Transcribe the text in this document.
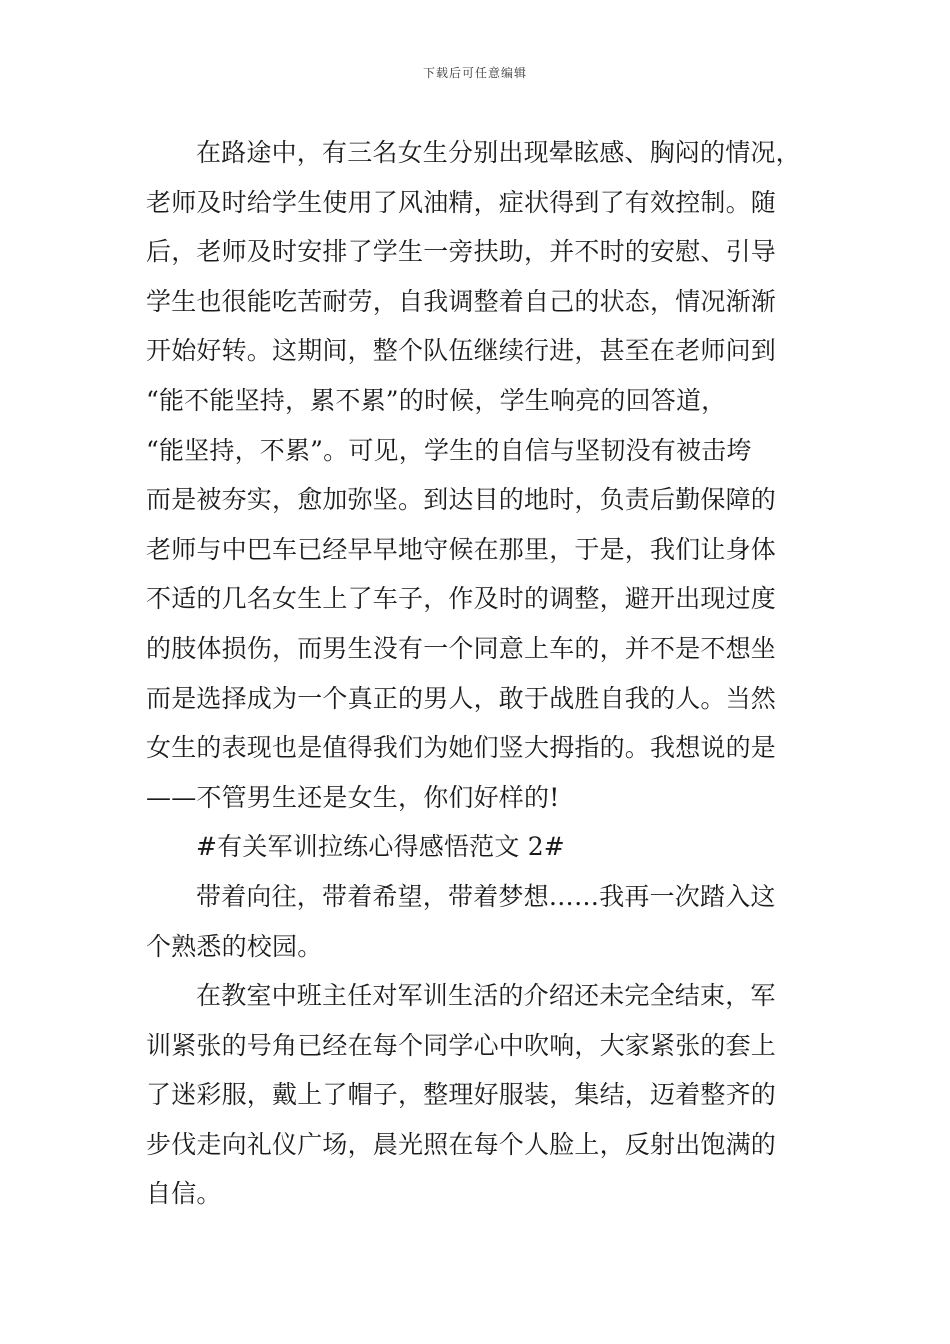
下载后可任意编辑
在路途中，有三名女生分别出现晕眩感、胸闷的情况，
老师及时给学生使用了风油精，症状得到了有效控制。随
后，老师及时安排了学生一旁扶助，并不时的安慰、引导
学生也很能吃苦耐劳，自我调整着自己的状态，情况渐渐
开始好转。这期间，整个队伍继续行进，甚至在老师问到
“能不能坚持，累不累”的时候，学生响亮的回答道，
“能坚持，不累”。可见，学生的自信与坚韧没有被击垮
而是被夯实，愈加弥坚。到达目的地时，负责后勤保障的
老师与中巴车已经早早地守候在那里，于是，我们让身体
不适的几名女生上了车子，作及时的调整，避开出现过度
的肢体损伤，而男生没有一个同意上车的，并不是不想坐
而是选择成为一个真正的男人，敢于战胜自我的人。当然
女生的表现也是值得我们为她们竖大拇指的。我想说的是
——不管男生还是女生，你们好样的!
#有关军训拉练心得感悟范文 2#
带着向往，带着希望，带着梦想……我再一次踏入这
个熟悉的校园。
在教室中班主任对军训生活的介绍还未完全结束，军
训紧张的号角已经在每个同学心中吹响，大家紧张的套上
了迷彩服，戴上了帽子，整理好服装，集结，迈着整齐的
步伐走向礼仪广场，晨光照在每个人脸上，反射出饱满的
自信。
